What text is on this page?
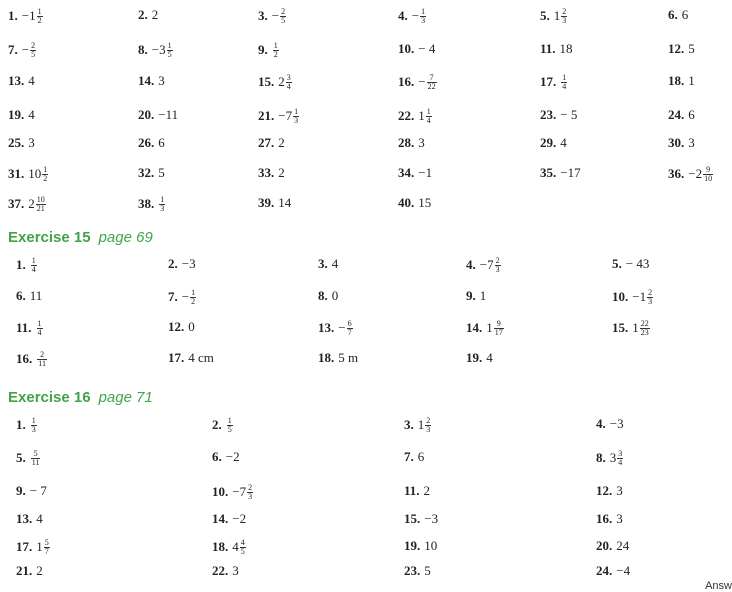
1. $-1 \frac{1}{2}$	2. 2	3. − $\frac{2}{5}$	4. − $\frac{1}{3}$	5. $1 \frac{2}{3}$	6. 6
7. − $\frac{2}{5}$	8. $-3 \frac{1}{5}$	9. $\frac{1}{2}$	10. − 4	11. 18	12. 5
13. 4	14. 3	15. $2 \frac{3}{4}$	16. − $\frac{7}{22}$	17. $\frac{1}{4}$	18. 1
19. 4	20. −11	21. $-7 \frac{1}{3}$	22. $1 \frac{1}{4}$	23. − 5	24. 6
25. 3	26. 6	27. 2	28. 3	29. 4	30. 3
31. $10 \frac{1}{2}$	32. 5	33. 2	34. −1	35. −17	36. $-2 \frac{9}{10}$
37. $2 \frac{10}{21}$	38. $\frac{1}{3}$	39. 14	40. 15
Exercise 15 page 69
1. $\frac{1}{4}$	2. −3	3. 4	4. $-7 \frac{2}{3}$	5. − 43
6. 11	7. − $\frac{1}{2}$	8. 0	9. 1	10. $-1 \frac{2}{3}$
11. $\frac{1}{4}$	12. 0	13. − $\frac{6}{7}$	14. $1 \frac{9}{17}$	15. $1 \frac{22}{23}$
16. $\frac{2}{11}$	17. 4 cm	18. 5 m	19. 4
Exercise 16 page 71
1. $\frac{1}{3}$	2. $\frac{1}{5}$	3. $1 \frac{2}{3}$	4. −3
5. $\frac{5}{11}$	6. −2	7. 6	8. $3 \frac{3}{4}$
9. − 7	10. $-7 \frac{2}{3}$	11. 2	12. 3
13. 4	14. −2	15. −3	16. 3
17. $1 \frac{5}{7}$	18. $4 \frac{4}{5}$	19. 10	20. 24
21. 2	22. 3	23. 5	24. −4
Answ
